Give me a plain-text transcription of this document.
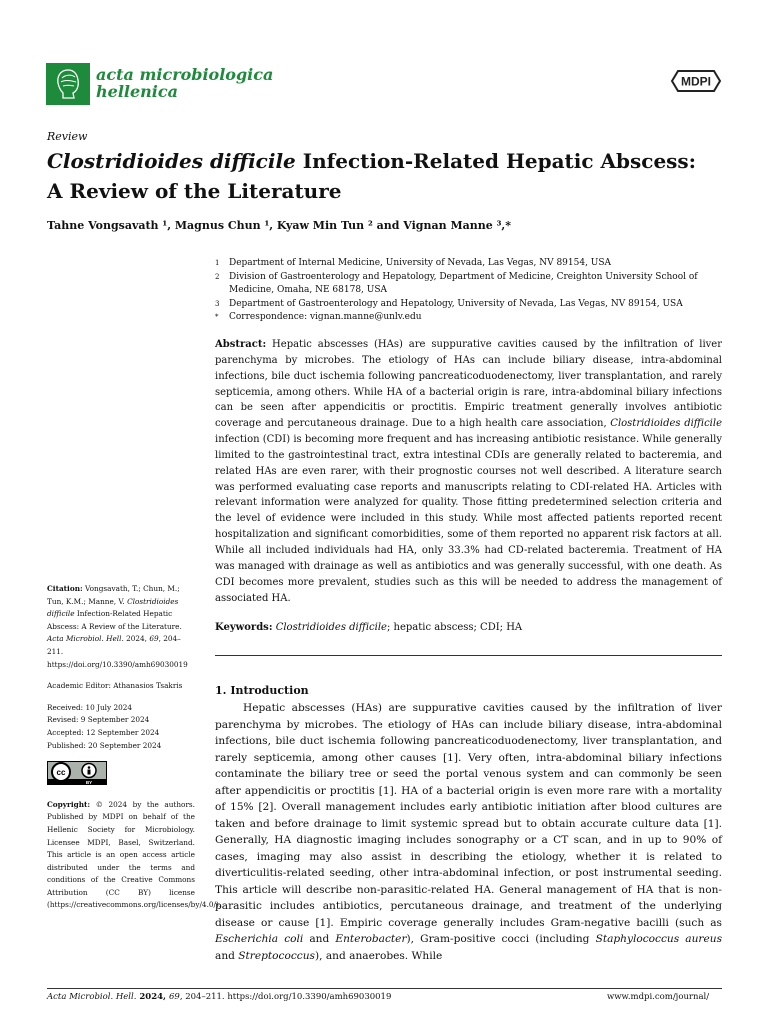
acta microbiologica
hellenica
MDPI
Review
Clostridioides difficile Infection-Related Hepatic Abscess:
A Review of the Literature
Tahne Vongsavath ¹, Magnus Chun ¹, Kyaw Min Tun ² and Vignan Manne ³,*
1	Department of Internal Medicine, University of Nevada, Las Vegas, NV 89154, USA
2	Division of Gastroenterology and Hepatology, Department of Medicine, Creighton University School of Medicine, Omaha, NE 68178, USA
3	Department of Gastroenterology and Hepatology, University of Nevada, Las Vegas, NV 89154, USA
*	Correspondence: vignan.manne@unlv.edu
Abstract: Hepatic abscesses (HAs) are suppurative cavities caused by the infiltration of liver parenchyma by microbes. The etiology of HAs can include biliary disease, intra-abdominal infections, bile duct ischemia following pancreaticoduodenectomy, liver transplantation, and rarely septicemia, among others. While HA of a bacterial origin is rare, intra-abdominal biliary infections can be seen after appendicitis or proctitis. Empiric treatment generally involves antibiotic coverage and percutaneous drainage. Due to a high health care association, Clostridioides difficile infection (CDI) is becoming more frequent and has increasing antibiotic resistance. While generally limited to the gastrointestinal tract, extra intestinal CDIs are generally related to bacteremia, and related HAs are even rarer, with their prognostic courses not well described. A literature search was performed evaluating case reports and manuscripts relating to CDI-related HA. Articles with relevant information were analyzed for quality. Those fitting predetermined selection criteria and the level of evidence were included in this study. While most affected patients reported recent hospitalization and significant comorbidities, some of them reported no apparent risk factors at all. While all included individuals had HA, only 33.3% had CD-related bacteremia. Treatment of HA was managed with drainage as well as antibiotics and was generally successful, with one death. As CDI becomes more prevalent, studies such as this will be needed to address the management of associated HA.
Keywords: Clostridioides difficile; hepatic abscess; CDI; HA
1. Introduction

Hepatic abscesses (HAs) are suppurative cavities caused by the infiltration of liver parenchyma by microbes. The etiology of HAs can include biliary disease, intra-abdominal infections, bile duct ischemia following pancreaticoduodenectomy, liver transplantation, and rarely septicemia, among other causes [1]. Very often, intra-abdominal biliary infections contaminate the biliary tree or seed the portal venous system and can commonly be seen after appendicitis or proctitis [1]. HA of a bacterial origin is even more rare with a mortality of 15% [2]. Overall management includes early antibiotic initiation after blood cultures are taken and before drainage to limit systemic spread but to obtain accurate culture data [1]. Generally, HA diagnostic imaging includes sonography or a CT scan, and in up to 90% of cases, imaging may also assist in describing the etiology, whether it is related to diverticulitis-related seeding, other intra-abdominal infection, or post instrumental seeding. This article will describe non-parasitic-related HA. General management of HA that is non-parasitic includes antibiotics, percutaneous drainage, and treatment of the underlying disease or cause [1]. Empiric coverage generally includes Gram-negative bacilli (such as Escherichia coli and Enterobacter), Gram-positive cocci (including Staphylococcus aureus and Streptococcus), and anaerobes. While

Citation: Vongsavath, T.; Chun, M.; Tun, K.M.; Manne, V. Clostridioides difficile Infection-Related Hepatic Abscess: A Review of the Literature. Acta Microbiol. Hell. 2024, 69, 204–211. https://doi.org/10.3390/amh69030019

Academic Editor: Athanasios Tsakris

Received: 10 July 2024

Revised: 9 September 2024

Accepted: 12 September 2024

Published: 20 September 2024

cc
BY

Copyright: © 2024 by the authors. Published by MDPI on behalf of the Hellenic Society for Microbiology. Licensee MDPI, Basel, Switzerland. This article is an open access article distributed under the terms and conditions of the Creative Commons Attribution (CC BY) license (https://creativecommons.org/licenses/by/4.0/).

Acta Microbiol. Hell. 2024, 69, 204–211. https://doi.org/10.3390/amh69030019	www.mdpi.com/journal/
